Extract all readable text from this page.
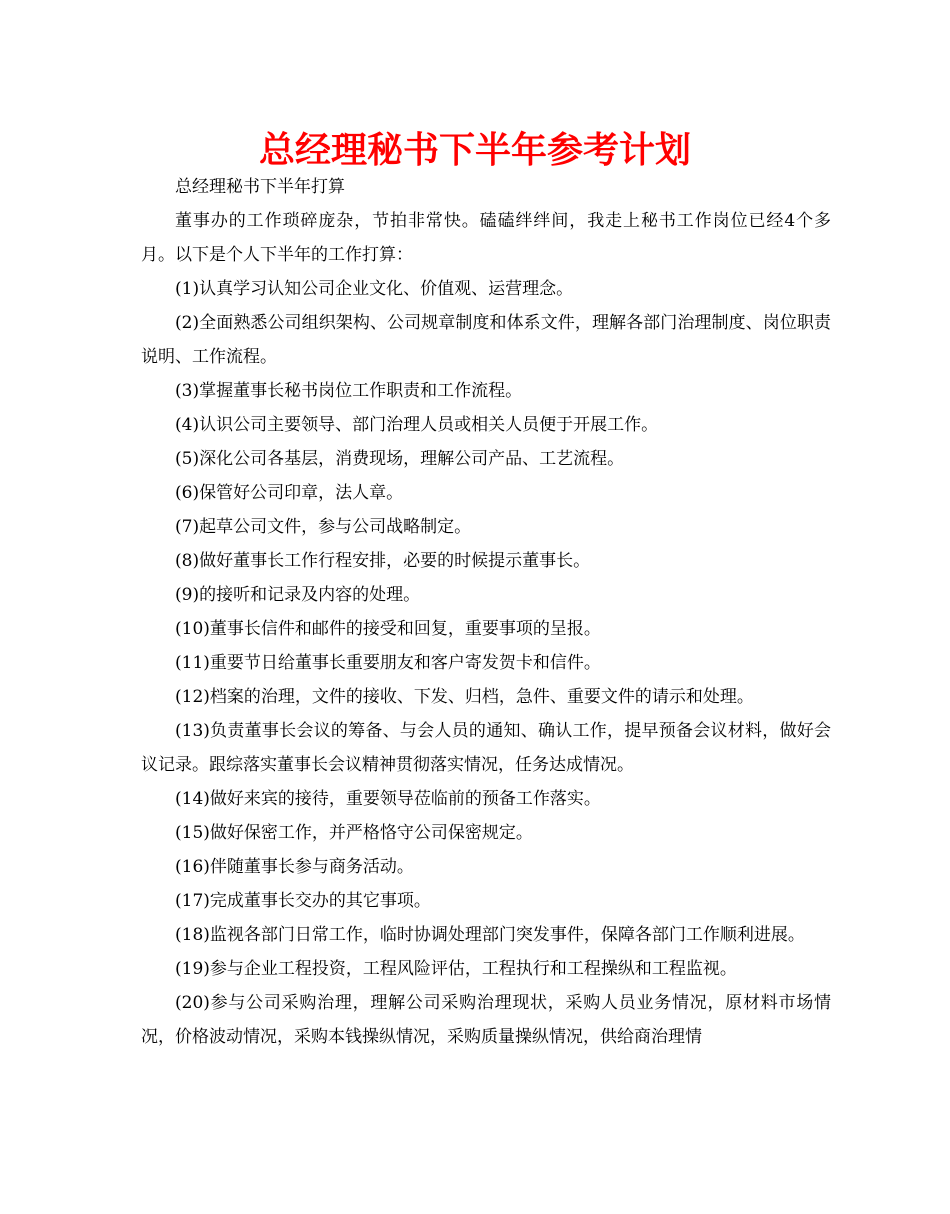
总经理秘书下半年参考计划

总经理秘书下半年打算

董事办的工作琐碎庞杂，节拍非常快。磕磕绊绊间，我走上秘书工作岗位已经4个多月。以下是个人下半年的工作打算：

(1)认真学习认知公司企业文化、价值观、运营理念。

(2)全面熟悉公司组织架构、公司规章制度和体系文件，理解各部门治理制度、岗位职责说明、工作流程。

(3)掌握董事长秘书岗位工作职责和工作流程。

(4)认识公司主要领导、部门治理人员或相关人员便于开展工作。

(5)深化公司各基层，消费现场，理解公司产品、工艺流程。

(6)保管好公司印章，法人章。

(7)起草公司文件，参与公司战略制定。

(8)做好董事长工作行程安排，必要的时候提示董事长。

(9)的接听和记录及内容的处理。

(10)董事长信件和邮件的接受和回复，重要事项的呈报。

(11)重要节日给董事长重要朋友和客户寄发贺卡和信件。

(12)档案的治理，文件的接收、下发、归档，急件、重要文件的请示和处理。

(13)负责董事长会议的筹备、与会人员的通知、确认工作，提早预备会议材料，做好会议记录。跟综落实董事长会议精神贯彻落实情况，任务达成情况。

(14)做好来宾的接待，重要领导莅临前的预备工作落实。

(15)做好保密工作，并严格恪守公司保密规定。

(16)伴随董事长参与商务活动。

(17)完成董事长交办的其它事项。

(18)监视各部门日常工作，临时协调处理部门突发事件，保障各部门工作顺利进展。

(19)参与企业工程投资，工程风险评估，工程执行和工程操纵和工程监视。

(20)参与公司采购治理，理解公司采购治理现状，采购人员业务情况，原材料市场情况，价格波动情况，采购本钱操纵情况，采购质量操纵情况，供给商治理情
